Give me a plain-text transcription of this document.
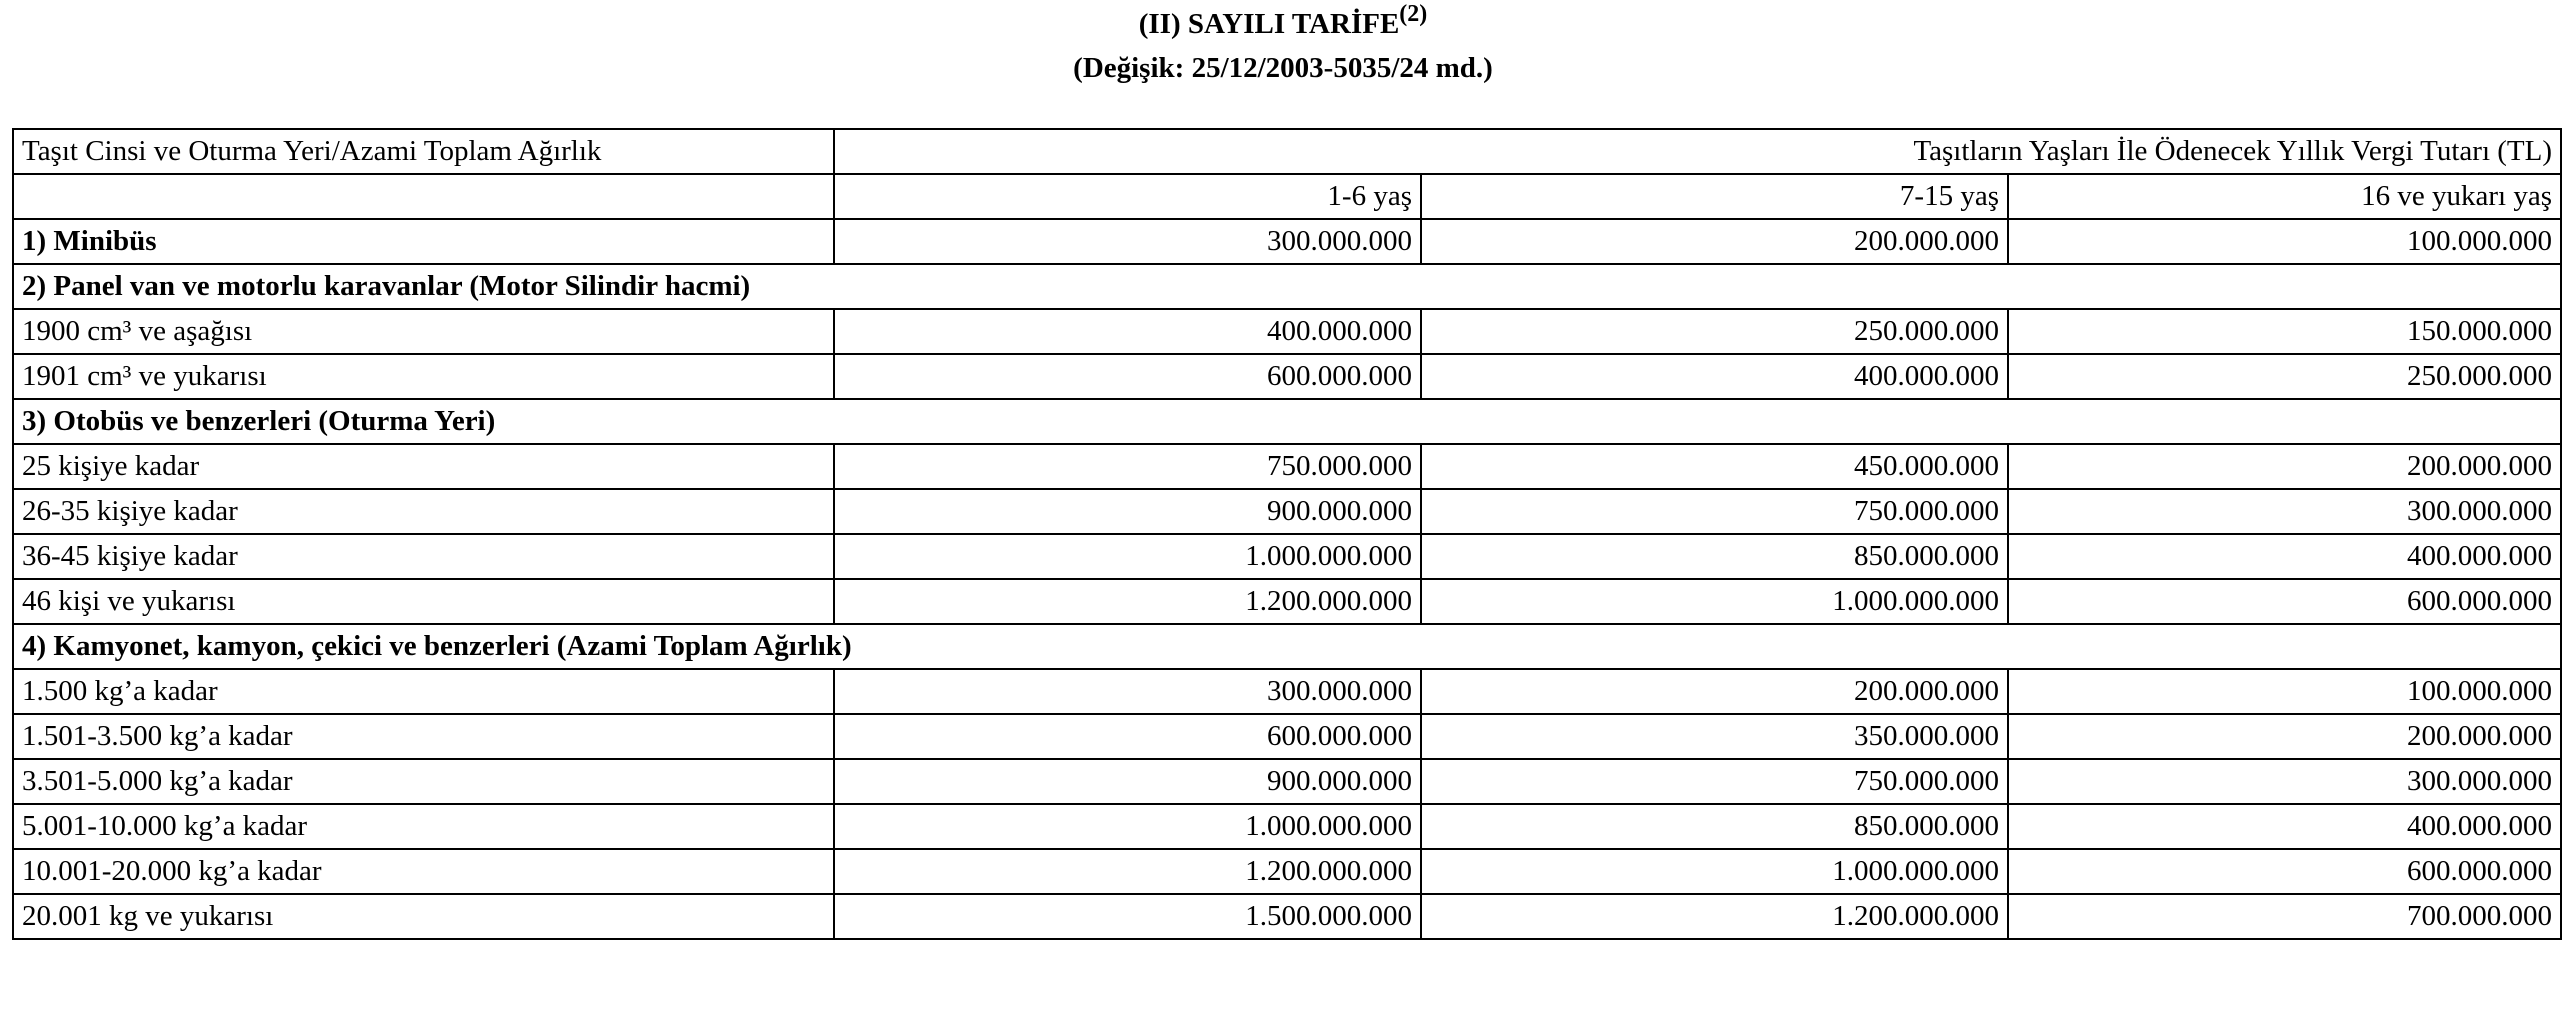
(II) SAYILI TARİFE$^{(2)}$
(Değişik: 25/12/2003-5035/24 md.)
Taşıt Cinsi ve Oturma Yeri/Azami Toplam Ağırlık	Taşıtların Yaşları İle Ödenecek Yıllık Vergi Tutarı (TL)		
	1-6 yaş	7-15 yaş	16 ve yukarı yaş
1) Minibüs	300.000.000	200.000.000	100.000.000
2) Panel van ve motorlu karavanlar (Motor Silindir hacmi)			
1900 cm³ ve aşağısı	400.000.000	250.000.000	150.000.000
1901 cm³ ve yukarısı	600.000.000	400.000.000	250.000.000
3) Otobüs ve benzerleri (Oturma Yeri)			
25 kişiye kadar	750.000.000	450.000.000	200.000.000
26-35 kişiye kadar	900.000.000	750.000.000	300.000.000
36-45 kişiye kadar	1.000.000.000	850.000.000	400.000.000
46 kişi ve yukarısı	1.200.000.000	1.000.000.000	600.000.000
4) Kamyonet, kamyon, çekici ve benzerleri (Azami Toplam Ağırlık)			
1.500 kg’a kadar	300.000.000	200.000.000	100.000.000
1.501-3.500 kg’a kadar	600.000.000	350.000.000	200.000.000
3.501-5.000 kg’a kadar	900.000.000	750.000.000	300.000.000
5.001-10.000 kg’a kadar	1.000.000.000	850.000.000	400.000.000
10.001-20.000 kg’a kadar	1.200.000.000	1.000.000.000	600.000.000
20.001 kg ve yukarısı	1.500.000.000	1.200.000.000	700.000.000
